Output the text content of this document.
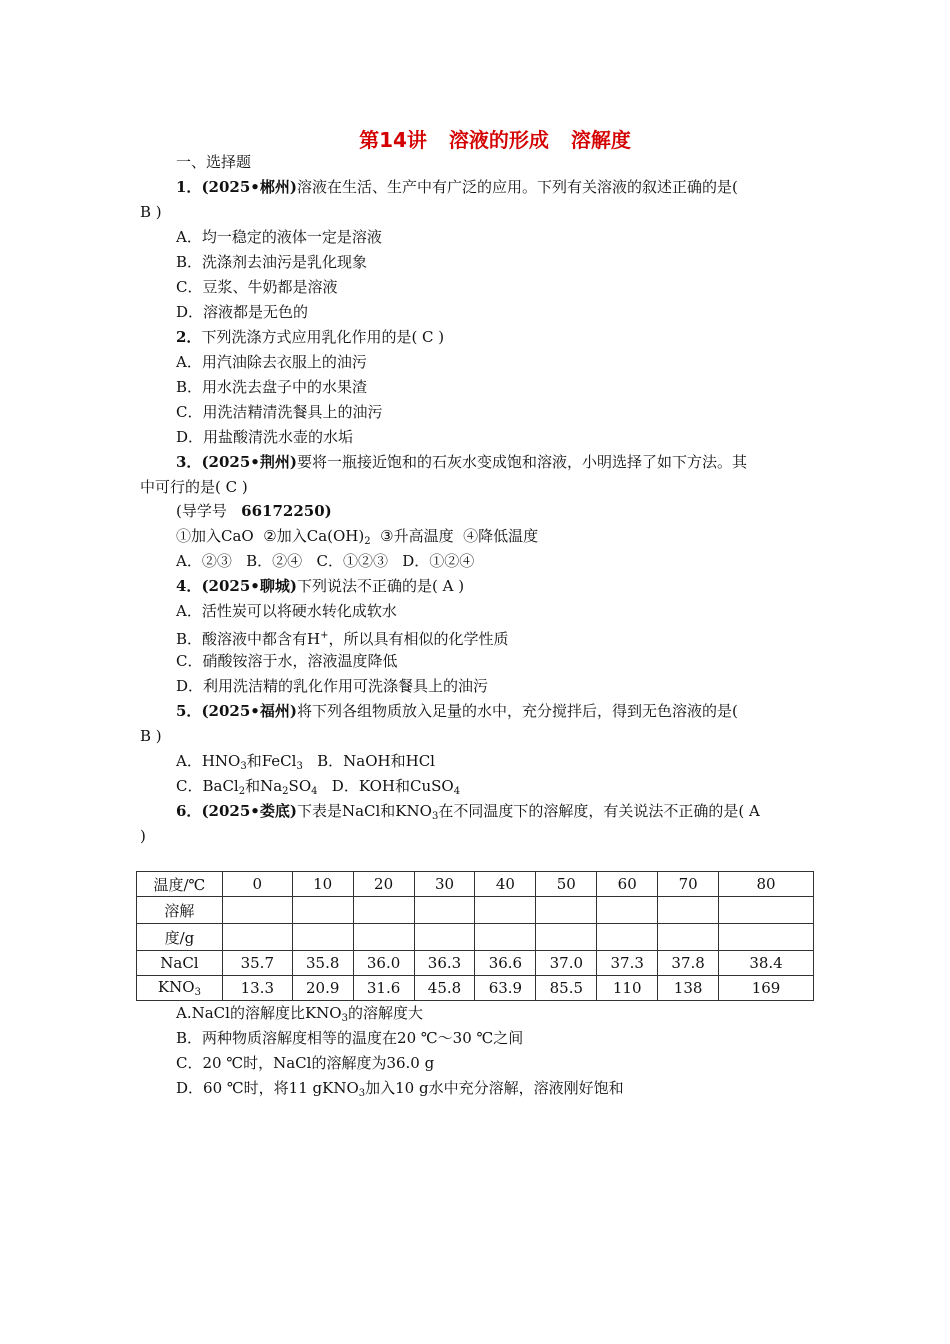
第14讲 溶液的形成 溶解度
一、选择题
1．(2025•郴州)溶液在生活、生产中有广泛的应用。下列有关溶液的叙述正确的是(
B )
A．均一稳定的液体一定是溶液
B．洗涤剂去油污是乳化现象
C．豆浆、牛奶都是溶液
D．溶液都是无色的
2．下列洗涤方式应用乳化作用的是( C )
A．用汽油除去衣服上的油污
B．用水洗去盘子中的水果渣
C．用洗洁精清洗餐具上的油污
D．用盐酸清洗水壶的水垢
3．(2025•荆州)要将一瓶接近饱和的石灰水变成饱和溶液，小明选择了如下方法。其
中可行的是( C )
(导学号 66172250)
①加入CaO ②加入$Ca(OH)_2$ ③升高温度 ④降低温度
A．②③   B．②④   C．①②③   D．①②④
4．(2025•聊城)下列说法不正确的是( A )
A．活性炭可以将硬水转化成软水
B．酸溶液中都含有H+，所以具有相似的化学性质
C．硝酸铵溶于水，溶液温度降低
D．利用洗洁精的乳化作用可洗涤餐具上的油污
5．(2025•福州)将下列各组物质放入足量的水中，充分搅拌后，得到无色溶液的是(
B )
A．$HNO_3$和FeCl$_3$   B．NaOH和HCl
C．BaCl$_2$和$Na_2SO_4$   D．KOH和CuSO$_4$
6．(2025•娄底)下表是NaCl和$KNO_3$在不同温度下的溶解度，有关说法不正确的是( A
)
温度/℃	0	10	20	30	40	50	60	70	80
溶解									
度/g									
NaCl	35.7	35.8	36.0	36.3	36.6	37.0	37.3	37.8	38.4
$KNO_3$	13.3	20.9	31.6	45.8	63.9	85.5	110	138	169
A.NaCl的溶解度比$KNO_3$的溶解度大
B．两种物质溶解度相等的温度在20 ℃～30 ℃之间
C．20 ℃时，NaCl的溶解度为36.0 g
D．60 ℃时，将11 gKNO$_3$加入10 g水中充分溶解，溶液刚好饱和
